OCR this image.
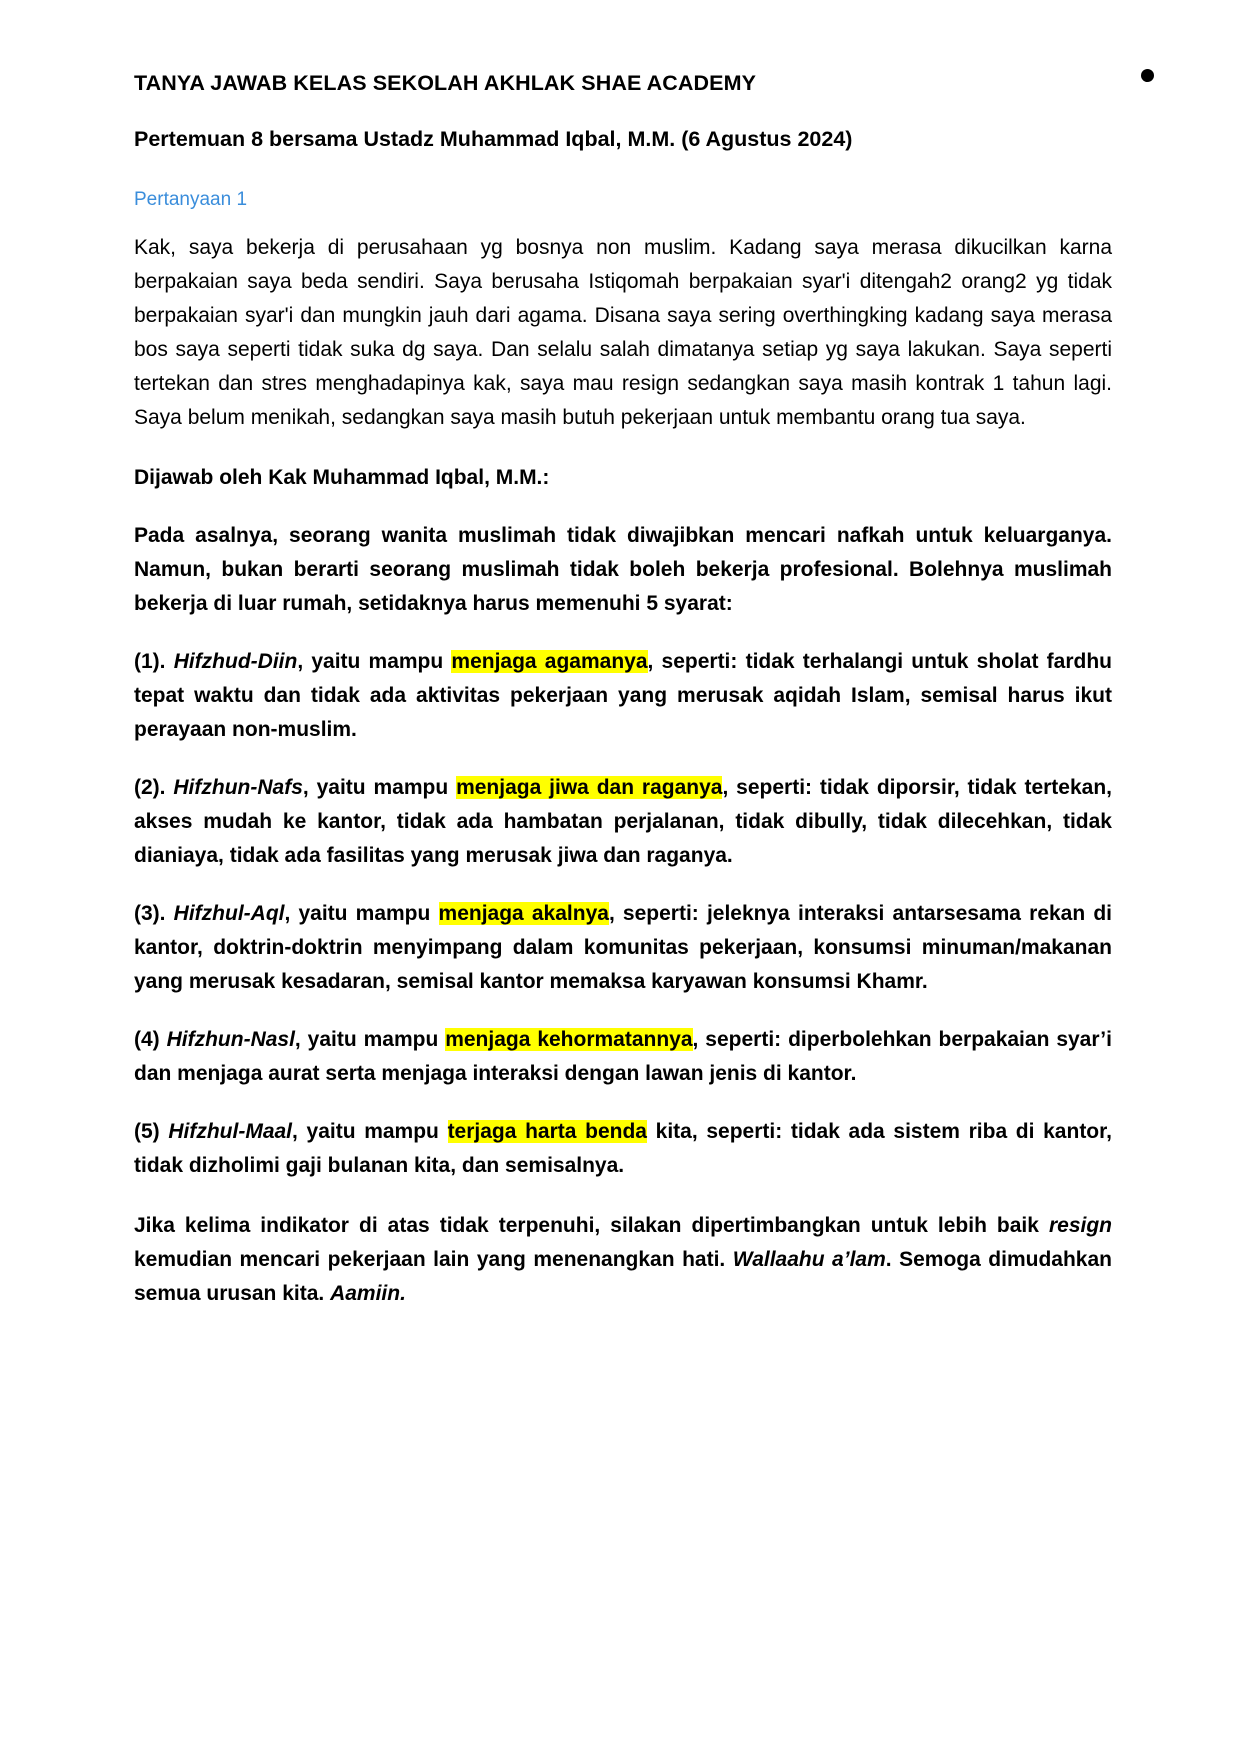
TANYA JAWAB KELAS SEKOLAH AKHLAK SHAE ACADEMY
Pertemuan 8 bersama Ustadz Muhammad Iqbal, M.M. (6 Agustus 2024)
Pertanyaan 1

Kak, saya bekerja di perusahaan yg bosnya non muslim. Kadang saya merasa dikucilkan karna berpakaian saya beda sendiri. Saya berusaha Istiqomah berpakaian syar'i ditengah2 orang2 yg tidak berpakaian syar'i dan mungkin jauh dari agama. Disana saya sering overthingking kadang saya merasa bos saya seperti tidak suka dg saya. Dan selalu salah dimatanya setiap yg saya lakukan. Saya seperti tertekan dan stres menghadapinya kak, saya mau resign sedangkan saya masih kontrak 1 tahun lagi. Saya belum menikah, sedangkan saya masih butuh pekerjaan untuk membantu orang tua saya.

Dijawab oleh Kak Muhammad Iqbal, M.M.:

Pada asalnya, seorang wanita muslimah tidak diwajibkan mencari nafkah untuk keluarganya. Namun, bukan berarti seorang muslimah tidak boleh bekerja profesional. Bolehnya muslimah bekerja di luar rumah, setidaknya harus memenuhi 5 syarat:

(1). Hifzhud-Diin, yaitu mampu menjaga agamanya, seperti: tidak terhalangi untuk sholat fardhu tepat waktu dan tidak ada aktivitas pekerjaan yang merusak aqidah Islam, semisal harus ikut perayaan non-muslim.

(2). Hifzhun-Nafs, yaitu mampu menjaga jiwa dan raganya, seperti: tidak diporsir, tidak tertekan, akses mudah ke kantor, tidak ada hambatan perjalanan, tidak dibully, tidak dilecehkan, tidak dianiaya, tidak ada fasilitas yang merusak jiwa dan raganya.

(3). Hifzhul-Aql, yaitu mampu menjaga akalnya, seperti: jeleknya interaksi antarsesama rekan di kantor, doktrin-doktrin menyimpang dalam komunitas pekerjaan, konsumsi minuman/makanan yang merusak kesadaran, semisal kantor memaksa karyawan konsumsi Khamr.

(4) Hifzhun-Nasl, yaitu mampu menjaga kehormatannya, seperti: diperbolehkan berpakaian syar’i dan menjaga aurat serta menjaga interaksi dengan lawan jenis di kantor.

(5) Hifzhul-Maal, yaitu mampu terjaga harta benda kita, seperti: tidak ada sistem riba di kantor, tidak dizholimi gaji bulanan kita, dan semisalnya.

Jika kelima indikator di atas tidak terpenuhi, silakan dipertimbangkan untuk lebih baik resign kemudian mencari pekerjaan lain yang menenangkan hati. Wallaahu a’lam. Semoga dimudahkan semua urusan kita. Aamiin.
